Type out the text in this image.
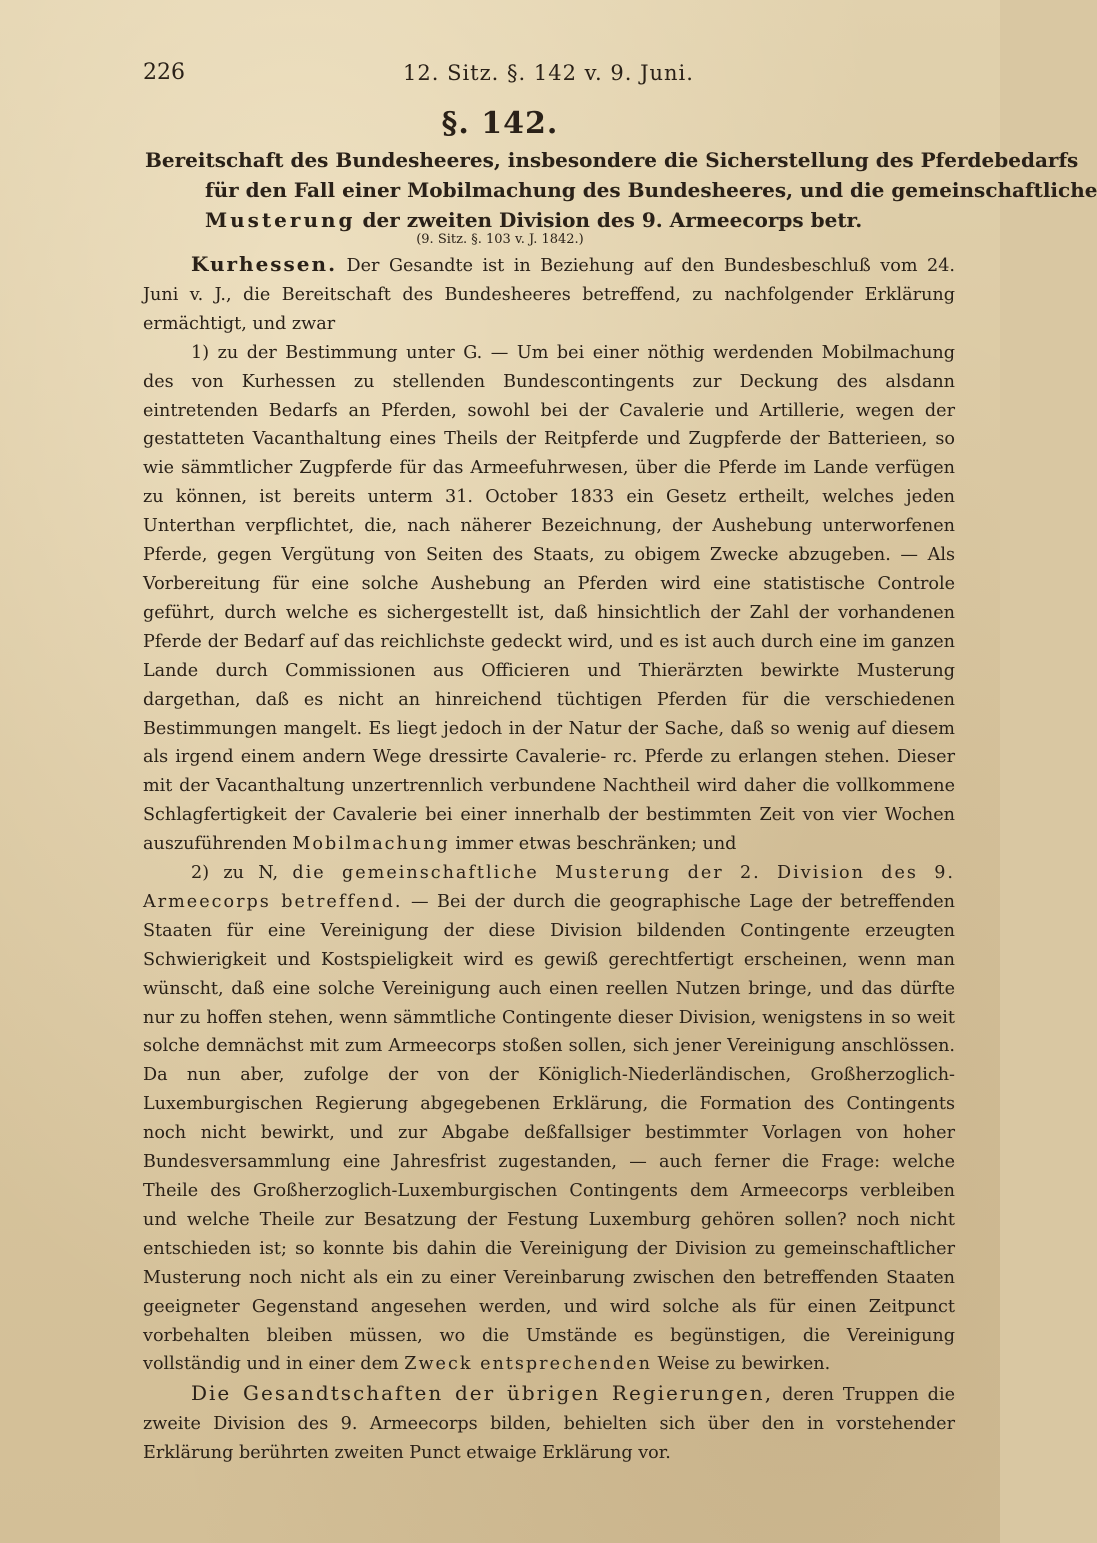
226	12. Sitz. §. 142 v. 9. Juni.
§. 142.
Bereitschaft des Bundesheeres, insbesondere die Sicherstellung des Pferdebedarfs
für den Fall einer Mobilmachung des Bundesheeres, und die gemeinschaftliche
Musterung der zweiten Division des 9. Armeecorps betr.
(9. Sitz. §. 103 v. J. 1842.)

Kurhessen. Der Gesandte ist in Beziehung auf den Bundesbeschluß vom 24. Juni v. J., die Bereitschaft des Bundesheeres betreffend, zu nachfolgender Erklärung ermächtigt, und zwar

1) zu der Bestimmung unter G. — Um bei einer nöthig werdenden Mobilmachung des von Kurhessen zu stellenden Bundescontingents zur Deckung des alsdann eintretenden Bedarfs an Pferden, sowohl bei der Cavalerie und Artillerie, wegen der gestatteten Vacanthaltung eines Theils der Reitpferde und Zugpferde der Batterieen, so wie sämmtlicher Zugpferde für das Armeefuhrwesen, über die Pferde im Lande verfügen zu können, ist bereits unterm 31. October 1833 ein Gesetz ertheilt, welches jeden Unterthan verpflichtet, die, nach näherer Bezeichnung, der Aushebung unterworfenen Pferde, gegen Vergütung von Seiten des Staats, zu obigem Zwecke abzugeben. — Als Vorbereitung für eine solche Aushebung an Pferden wird eine statistische Controle geführt, durch welche es sichergestellt ist, daß hinsichtlich der Zahl der vorhandenen Pferde der Bedarf auf das reichlichste gedeckt wird, und es ist auch durch eine im ganzen Lande durch Commissionen aus Officieren und Thierärzten bewirkte Musterung dargethan, daß es nicht an hinreichend tüchtigen Pferden für die verschiedenen Bestimmungen mangelt. Es liegt jedoch in der Natur der Sache, daß so wenig auf diesem als irgend einem andern Wege dressirte Cavalerie- rc. Pferde zu erlangen stehen. Dieser mit der Vacanthaltung unzertrennlich verbundene Nachtheil wird daher die vollkommene Schlagfertigkeit der Cavalerie bei einer innerhalb der bestimmten Zeit von vier Wochen auszuführenden Mobilmachung immer etwas beschränken; und

2) zu N, die gemeinschaftliche Musterung der 2. Division des 9. Armeecorps betreffend. — Bei der durch die geographische Lage der betreffenden Staaten für eine Vereinigung der diese Division bildenden Contingente erzeugten Schwierigkeit und Kostspieligkeit wird es gewiß gerechtfertigt erscheinen, wenn man wünscht, daß eine solche Vereinigung auch einen reellen Nutzen bringe, und das dürfte nur zu hoffen stehen, wenn sämmtliche Contingente dieser Division, wenigstens in so weit solche demnächst mit zum Armeecorps stoßen sollen, sich jener Vereinigung anschlössen. Da nun aber, zufolge der von der Königlich-Niederländischen, Großherzoglich-Luxemburgischen Regierung abgegebenen Erklärung, die Formation des Contingents noch nicht bewirkt, und zur Abgabe deßfallsiger bestimmter Vorlagen von hoher Bundesversammlung eine Jahresfrist zugestanden, — auch ferner die Frage: welche Theile des Großherzoglich-Luxemburgischen Contingents dem Armeecorps verbleiben und welche Theile zur Besatzung der Festung Luxemburg gehören sollen? noch nicht entschieden ist; so konnte bis dahin die Vereinigung der Division zu gemeinschaftlicher Musterung noch nicht als ein zu einer Vereinbarung zwischen den betreffenden Staaten geeigneter Gegenstand angesehen werden, und wird solche als für einen Zeitpunct vorbehalten bleiben müssen, wo die Umstände es begünstigen, die Vereinigung vollständig und in einer dem Zweck entsprechenden Weise zu bewirken.

Die Gesandtschaften der übrigen Regierungen, deren Truppen die zweite Division des 9. Armeecorps bilden, behielten sich über den in vorstehender Erklärung berührten zweiten Punct etwaige Erklärung vor.
